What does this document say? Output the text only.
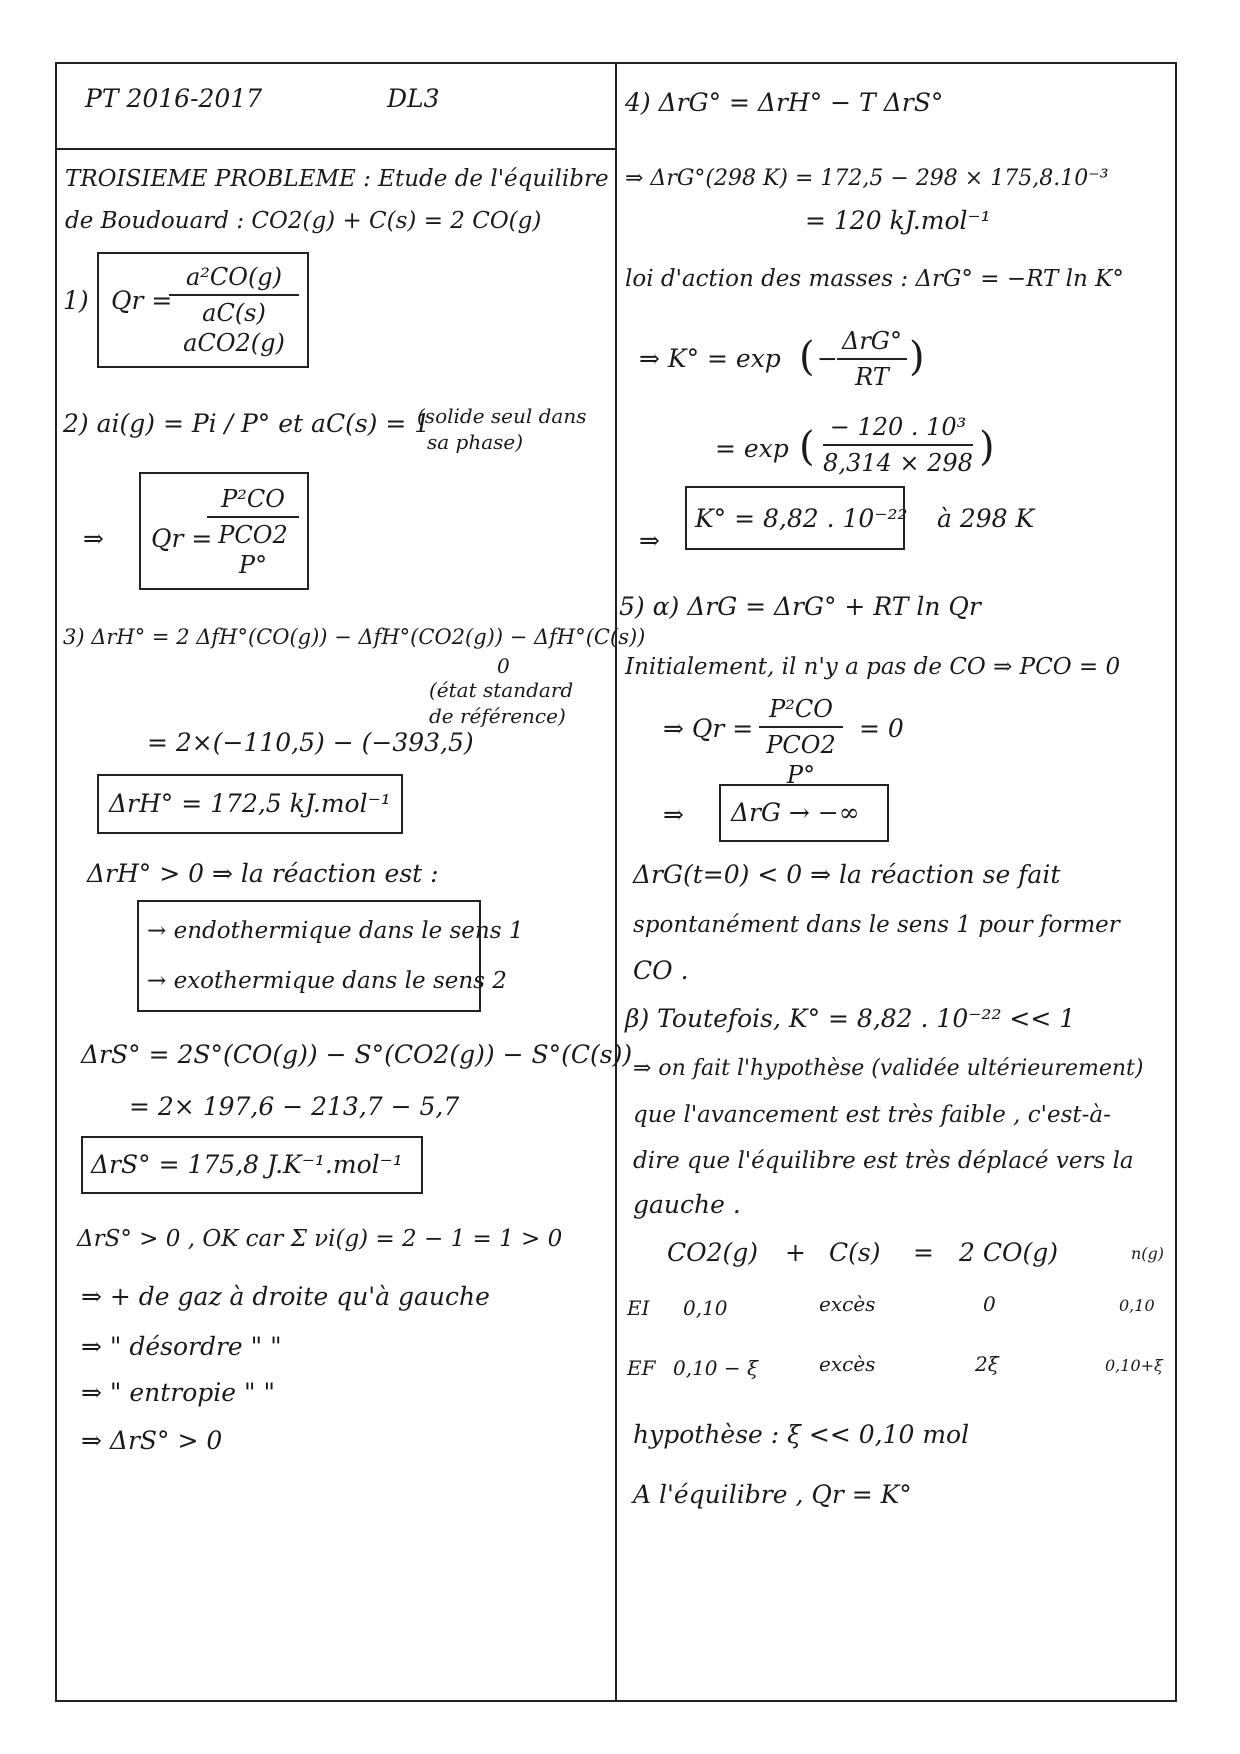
PT 2016-2017	DL3
TROISIEME PROBLEME : Etude de l'équilibre
de Boudouard : CO2(g) + C(s) = 2 CO(g)
1) Qr =
a²CO(g)
aC(s) aCO2(g)
2) ai(g) = Pi / P° et aC(s) = 1
(solide seul dans
sa phase)
⇒ Qr =
P²CO
PCO2 P°
3) ΔrH° = 2 ΔfH°(CO(g)) − ΔfH°(CO2(g)) − ΔfH°(C(s))
0
(état standard
de référence)
= 2×(−110,5) − (−393,5)
ΔrH° = 172,5 kJ.mol⁻¹
ΔrH° > 0 ⇒ la réaction est :
→ endothermique dans le sens 1
→ exothermique dans le sens 2
ΔrS° = 2S°(CO(g)) − S°(CO2(g)) − S°(C(s))
= 2× 197,6 − 213,7 − 5,7
ΔrS° = 175,8 J.K⁻¹.mol⁻¹
ΔrS° > 0 , OK car Σ νi(g) = 2 − 1 = 1 > 0
⇒ + de gaz à droite qu'à gauche
⇒ " désordre " "
⇒ " entropie " "
⇒ ΔrS° > 0
4) ΔrG° = ΔrH° − T ΔrS°
⇒ ΔrG°(298 K) = 172,5 − 298 × 175,8.10⁻³
= 120 kJ.mol⁻¹
loi d'action des masses : ΔrG° = −RT ln K°
⇒ K° = exp ( −
ΔrG°
RT )
= exp ( − 120 . 10³
8,314 × 298 )
⇒
K° = 8,82 . 10⁻²² à 298 K
5) α) ΔrG = ΔrG° + RT ln Qr
Initialement, il n'y a pas de CO ⇒ PCO = 0
⇒ Qr =
P²CO
PCO2 P°
= 0
⇒ ΔrG → −∞
ΔrG(t=0) < 0 ⇒ la réaction se fait
spontanément dans le sens 1 pour former
CO .
β) Toutefois, K° = 8,82 . 10⁻²² << 1
⇒ on fait l'hypothèse (validée ultérieurement)
que l'avancement est très faible , c'est-à-
dire que l'équilibre est très déplacé vers la
gauche .
CO2(g) + C(s) = 2 CO(g)	n(g)
EI 0,10	excès	0	0,10
EF 0,10 − ξ	excès	2ξ	0,10+ξ
hypothèse : ξ << 0,10 mol
A l'équilibre , Qr = K°
